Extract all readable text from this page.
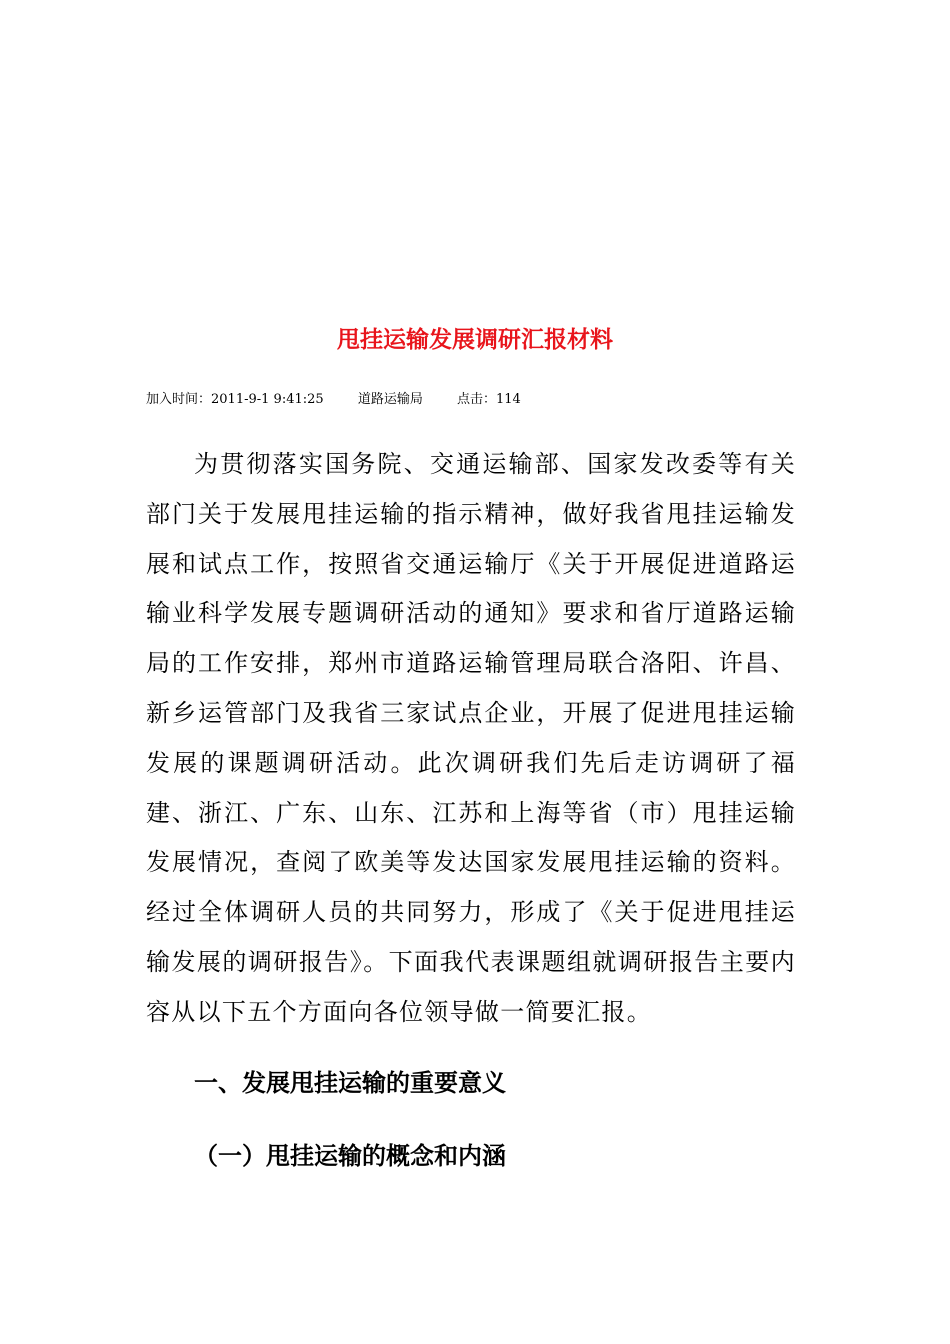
甩挂运输发展调研汇报材料
加入时间：2011-9-1 9:41:25	道路运输局	点击：114

为贯彻落实国务院、交通运输部、国家发改委等有关部门关于发展甩挂运输的指示精神，做好我省甩挂运输发展和试点工作，按照省交通运输厅《关于开展促进道路运输业科学发展专题调研活动的通知》要求和省厅道路运输局的工作安排，郑州市道路运输管理局联合洛阳、许昌、新乡运管部门及我省三家试点企业，开展了促进甩挂运输发展的课题调研活动。此次调研我们先后走访调研了福建、浙江、广东、山东、江苏和上海等省（市）甩挂运输发展情况，查阅了欧美等发达国家发展甩挂运输的资料。经过全体调研人员的共同努力，形成了《关于促进甩挂运输发展的调研报告》。下面我代表课题组就调研报告主要内容从以下五个方面向各位领导做一简要汇报。

一、发展甩挂运输的重要意义
（一）甩挂运输的概念和内涵
